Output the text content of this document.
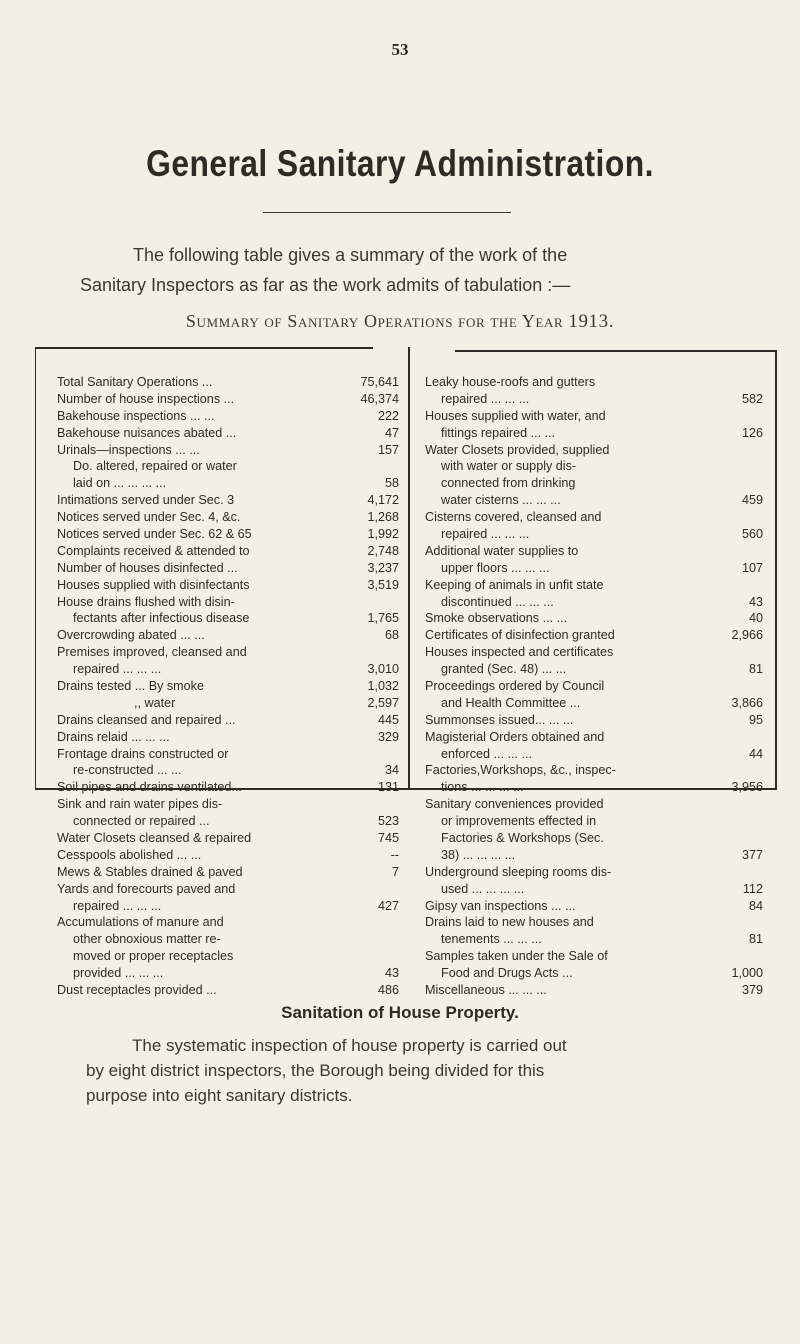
53
General Sanitary Administration.
The following table gives a summary of the work of the
Sanitary Inspectors as far as the work admits of tabulation :—
Summary of Sanitary Operations for the Year 1913.
Total Sanitary Operations ...	75,641
Number of house inspections ...	46,374
Bakehouse inspections ... ...	222
Bakehouse nuisances abated ...	47
Urinals—inspections ... ...	157
Do. altered, repaired or water
laid on ... ... ... ...	58
Intimations served under Sec. 3	4,172
Notices served under Sec. 4, &c.	1,268
Notices served under Sec. 62 & 65	1,992
Complaints received & attended to	2,748
Number of houses disinfected ...	3,237
Houses supplied with disinfectants	3,519
House drains flushed with disin-
fectants after infectious disease	1,765
Overcrowding abated ... ...	68
Premises improved, cleansed and
repaired ... ... ...	3,010
Drains tested ... By smoke	1,032
,, water	2,597
Drains cleansed and repaired ...	445
Drains relaid ... ... ...	329
Frontage drains constructed or
re-constructed ... ...	34
Soil pipes and drains ventilated...	131
Sink and rain water pipes dis-
connected or repaired ...	523
Water Closets cleansed & repaired	745
Cesspools abolished ... ...	--
Mews & Stables drained & paved	7
Yards and forecourts paved and
repaired ... ... ...	427
Accumulations of manure and
other obnoxious matter re-
moved or proper receptacles
provided ... ... ...	43
Dust receptacles provided ...	486
Leaky house-roofs and gutters
repaired ... ... ...	582
Houses supplied with water, and
fittings repaired ... ...	126
Water Closets provided, supplied
with water or supply dis-
connected from drinking
water cisterns ... ... ...	459
Cisterns covered, cleansed and
repaired ... ... ...	560
Additional water supplies to
upper floors ... ... ...	107
Keeping of animals in unfit state
discontinued ... ... ...	43
Smoke observations ... ...	40
Certificates of disinfection granted	2,966
Houses inspected and certificates
granted (Sec. 48) ... ...	81
Proceedings ordered by Council
and Health Committee ...	3,866
Summonses issued... ... ...	95
Magisterial Orders obtained and
enforced ... ... ...	44
Factories,Workshops, &c., inspec-
tions ... ... ... ...	3,956
Sanitary conveniences provided
or improvements effected in
Factories & Workshops (Sec.
38) ... ... ... ...	377
Underground sleeping rooms dis-
used ... ... ... ...	112
Gipsy van inspections ... ...	84
Drains laid to new houses and
tenements ... ... ...	81
Samples taken under the Sale of
Food and Drugs Acts ...	1,000
Miscellaneous ... ... ...	379
Sanitation of House Property.
The systematic inspection of house property is carried out
by eight district inspectors, the Borough being divided for this
purpose into eight sanitary districts.
